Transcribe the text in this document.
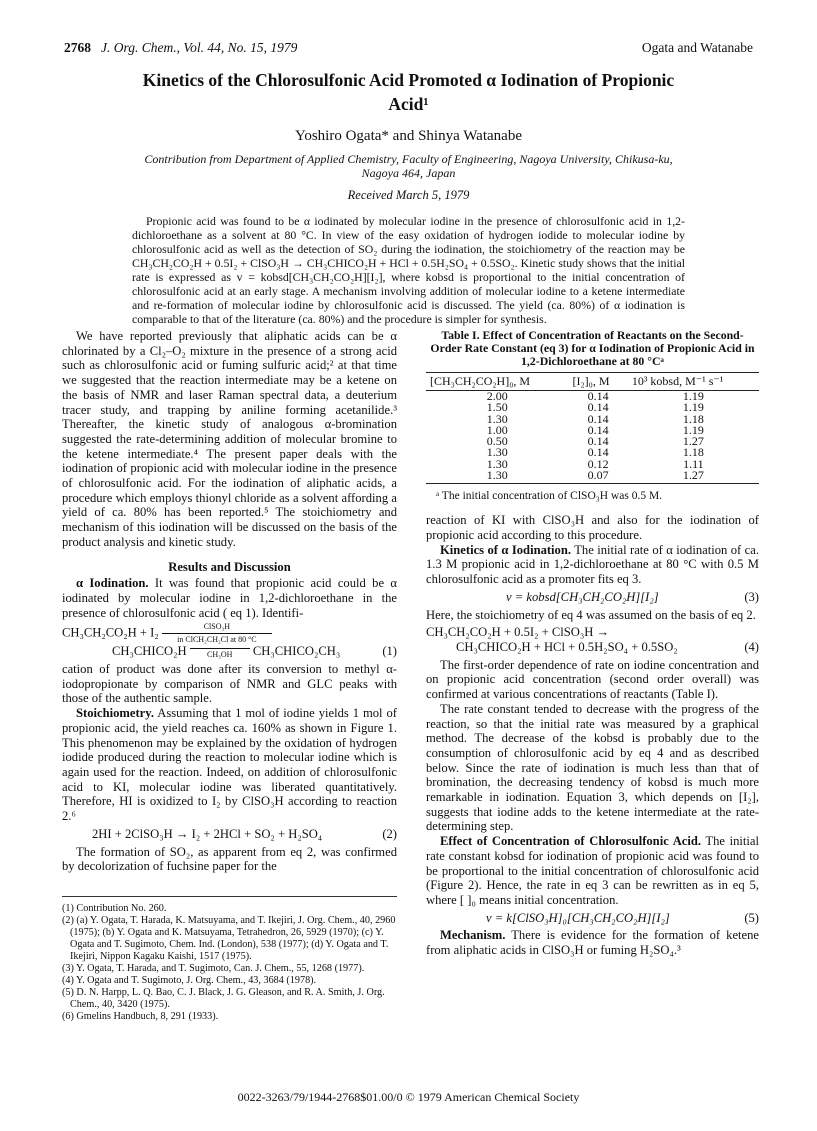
2768 J. Org. Chem., Vol. 44, No. 15, 1979	Ogata and Watanabe
Kinetics of the Chlorosulfonic Acid Promoted α Iodination of Propionic Acid¹
Yoshiro Ogata* and Shinya Watanabe
Contribution from Department of Applied Chemistry, Faculty of Engineering, Nagoya University, Chikusa-ku, Nagoya 464, Japan
Received March 5, 1979
Propionic acid was found to be α iodinated by molecular iodine in the presence of chlorosulfonic acid in 1,2-dichloroethane as a solvent at 80 °C. In view of the easy oxidation of hydrogen iodide to molecular iodine by chlorosulfonic acid as well as the detection of SO₂ during the iodination, the stoichiometry of the reaction may be CH₃CH₂CO₂H + 0.5I₂ + ClSO₃H → CH₃CHICO₂H + HCl + 0.5H₂SO₄ + 0.5SO₂. Kinetic study shows that the initial rate is expressed as v = kobsd[CH₃CH₂CO₂H][I₂], where kobsd is proportional to the initial concentration of chlorosulfonic acid at an early stage. A mechanism involving addition of molecular iodine to a ketene intermediate and re-formation of molecular iodine by chlorosulfonic acid is discussed. The yield (ca. 80%) of α iodination is comparable to that of the literature (ca. 80%) and the procedure is simpler for synthesis.

We have reported previously that aliphatic acids can be α chlorinated by a Cl₂–O₂ mixture in the presence of a strong acid such as chlorosulfonic acid or fuming sulfuric acid;² at that time we suggested that the reaction intermediate may be a ketene on the basis of NMR and laser Raman spectral data, a deuterium tracer study, and trapping by aniline forming acetanilide.³ Thereafter, the kinetic study of analogous α-bromination suggested the rate-determining addition of molecular bromine to the ketene intermediate.⁴ The present paper deals with the iodination of propionic acid with molecular iodine in the presence of chlorosulfonic acid. For the iodination of aliphatic acids, a procedure which employs thionyl chloride as a solvent affording a yield of ca. 80% has been reported.⁵ The stoichiometry and mechanism of this iodination will be discussed on the basis of the product analysis and kinetic study.

Results and Discussion

α Iodination. It was found that propionic acid could be α iodinated by molecular iodine in 1,2-dichloroethane in the presence of chlorosulfonic acid ( eq 1). Identifi-

CH₃CH₂CO₂H + I₂	ClSO₃H
in ClCH₂CH₂Cl at 80 °C
CH₃CHICO₂H	CH₃OH CH₃CHICO₂CH₃	(1)

cation of product was done after its conversion to methyl α-iodopropionate by comparison of NMR and GLC peaks with those of the authentic sample.

Stoichiometry. Assuming that 1 mol of iodine yields 1 mol of propionic acid, the yield reaches ca. 160% as shown in Figure 1. This phenomenon may be explained by the oxidation of hydrogen iodide produced during the reaction to molecular iodine which is again used for the reaction. Indeed, on addition of chlorosulfonic acid to KI, molecular iodine was liberated quantitatively. Therefore, HI is oxidized to I₂ by ClSO₃H according to reaction 2.⁶

2HI + 2ClSO₃H → I₂ + 2HCl + SO₂ + H₂SO₄	(2)

The formation of SO₂, as apparent from eq 2, was confirmed by decolorization of fuchsine paper for the

(1) Contribution No. 260.
(2) (a) Y. Ogata, T. Harada, K. Matsuyama, and T. Ikejiri, J. Org. Chem., 40, 2960 (1975); (b) Y. Ogata and K. Matsuyama, Tetrahedron, 26, 5929 (1970); (c) Y. Ogata and T. Sugimoto, Chem. Ind. (London), 538 (1977); (d) Y. Ogata and T. Ikejiri, Nippon Kagaku Kaishi, 1517 (1975).
(3) Y. Ogata, T. Harada, and T. Sugimoto, Can. J. Chem., 55, 1268 (1977).
(4) Y. Ogata and T. Sugimoto, J. Org. Chem., 43, 3684 (1978).
(5) D. N. Harpp, L. Q. Bao, C. J. Black, J. G. Gleason, and R. A. Smith, J. Org. Chem., 40, 3420 (1975).
(6) Gmelins Handbuch, 8, 291 (1933).
Table I. Effect of Concentration of Reactants on the Second-Order Rate Constant (eq 3) for α Iodination of Propionic Acid in 1,2-Dichloroethane at 80 °Cᵃ
[CH₃CH₂CO₂H]₀, M	[I₂]₀, M	10³ kobsd, M⁻¹ s⁻¹
2.00	0.14	1.19
1.50	0.14	1.19
1.30	0.14	1.18
1.00	0.14	1.19
0.50	0.14	1.27
1.30	0.14	1.18
1.30	0.12	1.11
1.30	0.07	1.27
ᵃ The initial concentration of ClSO₃H was 0.5 M.

reaction of KI with ClSO₃H and also for the iodination of propionic acid according to this procedure.

Kinetics of α Iodination. The initial rate of α iodination of ca. 1.3 M propionic acid in 1,2-dichloroethane at 80 °C with 0.5 M chlorosulfonic acid as a promoter fits eq 3.

v = kobsd[CH₃CH₂CO₂H][I₂]	(3)

Here, the stoichiometry of eq 4 was assumed on the basis of eq 2.

CH₃CH₂CO₂H + 0.5I₂ + ClSO₃H →
CH₃CHICO₂H + HCl + 0.5H₂SO₄ + 0.5SO₂	(4)

The first-order dependence of rate on iodine concentration and on propionic acid concentration (second order overall) was confirmed at various concentrations of reactants (Table I).

The rate constant tended to decrease with the progress of the reaction, so that the initial rate was measured by a graphical method. The decrease of the kobsd is probably due to the consumption of chlorosulfonic acid by eq 4 and as described below. Since the rate of iodination is much less than that of bromination, the decreasing tendency of kobsd is much more remarkable in iodination. Equation 3, which depends on [I₂], suggests that iodine adds to the ketene intermediate at the rate-determining step.

Effect of Concentration of Chlorosulfonic Acid. The initial rate constant kobsd for iodination of propionic acid was found to be proportional to the initial concentration of chlorosulfonic acid (Figure 2). Hence, the rate in eq 3 can be rewritten as in eq 5, where [ ]₀ means initial concentration.

v = k[ClSO₃H]₀[CH₃CH₂CO₂H][I₂]	(5)

Mechanism. There is evidence for the formation of ketene from aliphatic acids in ClSO₃H or fuming H₂SO₄.³

0022-3263/79/1944-2768$01.00/0 © 1979 American Chemical Society
